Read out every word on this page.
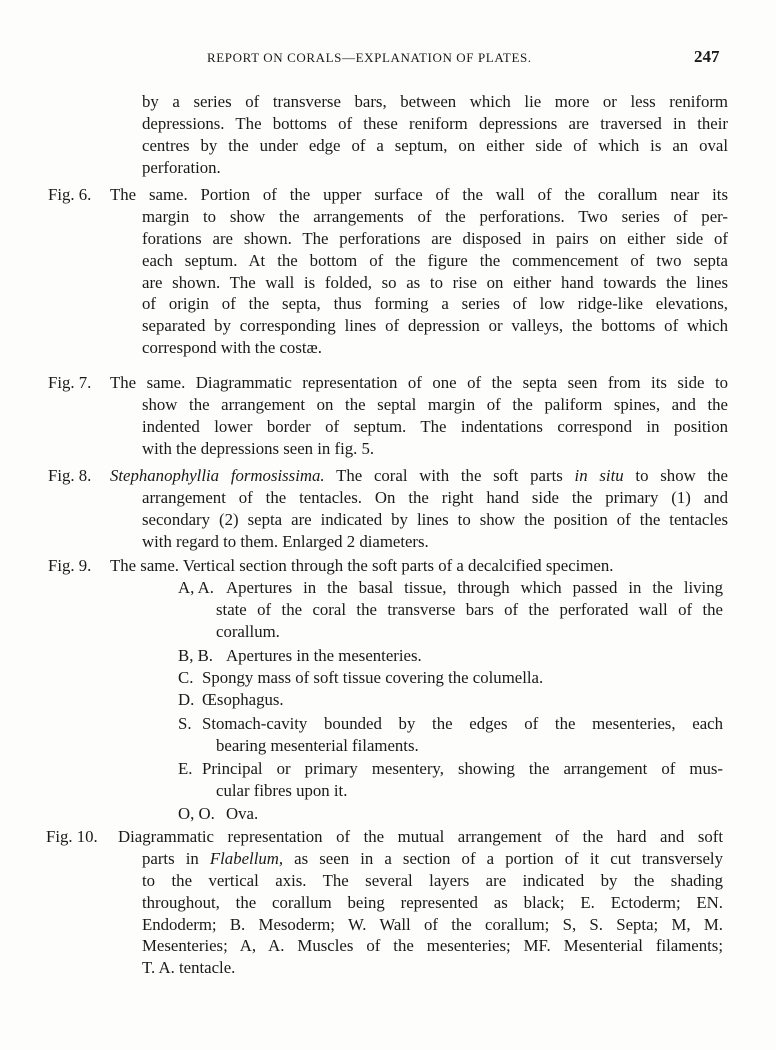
REPORT ON CORALS—EXPLANATION OF PLATES.	247
by a series of transverse bars, between which lie more or less reniform
depressions. The bottoms of these reniform depressions are traversed in their
centres by the under edge of a septum, on either side of which is an oval
perforation.
Fig. 6. The same. Portion of the upper surface of the wall of the corallum near its
margin to show the arrangements of the perforations. Two series of per-
forations are shown. The perforations are disposed in pairs on either side of
each septum. At the bottom of the figure the commencement of two septa
are shown. The wall is folded, so as to rise on either hand towards the lines
of origin of the septa, thus forming a series of low ridge-like elevations,
separated by corresponding lines of depression or valleys, the bottoms of which
correspond with the costæ.
Fig. 7. The same. Diagrammatic representation of one of the septa seen from its side to
show the arrangement on the septal margin of the paliform spines, and the
indented lower border of septum. The indentations correspond in position
with the depressions seen in fig. 5.
Fig. 8. Stephanophyllia formosissima. The coral with the soft parts in situ to show the
arrangement of the tentacles. On the right hand side the primary (1) and
secondary (2) septa are indicated by lines to show the position of the tentacles
with regard to them. Enlarged 2 diameters.
Fig. 9. The same. Vertical section through the soft parts of a decalcified specimen.
A, A. Apertures in the basal tissue, through which passed in the living
state of the coral the transverse bars of the perforated wall of the
corallum.
B, B. Apertures in the mesenteries.
C. Spongy mass of soft tissue covering the columella.
D. Œsophagus.
S. Stomach-cavity bounded by the edges of the mesenteries, each
bearing mesenterial filaments.
E. Principal or primary mesentery, showing the arrangement of mus-
cular fibres upon it.
O, O. Ova.
Fig. 10. Diagrammatic representation of the mutual arrangement of the hard and soft
parts in Flabellum, as seen in a section of a portion of it cut transversely
to the vertical axis. The several layers are indicated by the shading
throughout, the corallum being represented as black; E. Ectoderm; EN.
Endoderm; B. Mesoderm; W. Wall of the corallum; S, S. Septa; M, M.
Mesenteries; A, A. Muscles of the mesenteries; MF. Mesenterial filaments;
T. A. tentacle.
